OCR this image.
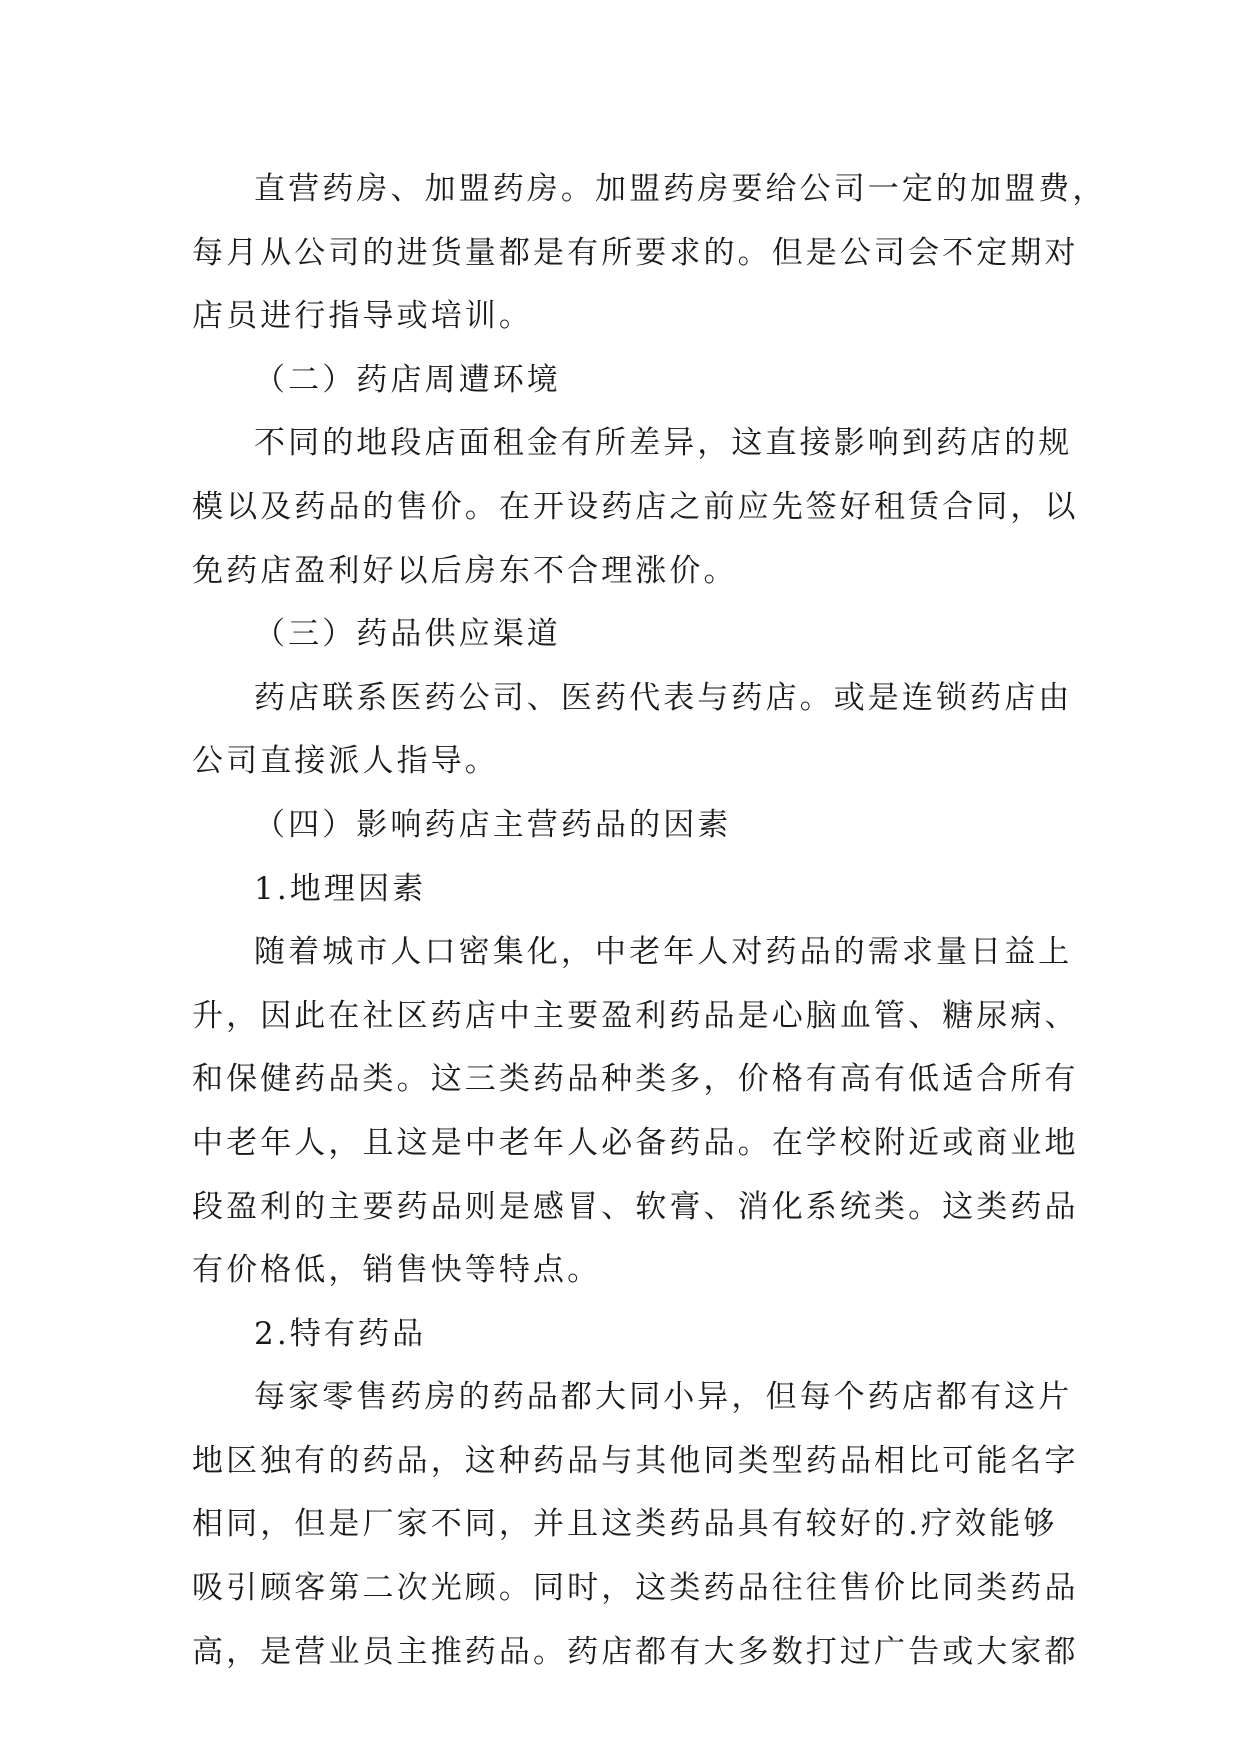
直营药房、加盟药房。加盟药房要给公司一定的加盟费，
每月从公司的进货量都是有所要求的。但是公司会不定期对
店员进行指导或培训。
（二）药店周遭环境
不同的地段店面租金有所差异，这直接影响到药店的规
模以及药品的售价。在开设药店之前应先签好租赁合同，以
免药店盈利好以后房东不合理涨价。
（三）药品供应渠道
药店联系医药公司、医药代表与药店。或是连锁药店由
公司直接派人指导。
（四）影响药店主营药品的因素
1.地理因素
随着城市人口密集化，中老年人对药品的需求量日益上
升，因此在社区药店中主要盈利药品是心脑血管、糖尿病、
和保健药品类。这三类药品种类多，价格有高有低适合所有
中老年人，且这是中老年人必备药品。在学校附近或商业地
段盈利的主要药品则是感冒、软膏、消化系统类。这类药品
有价格低，销售快等特点。
2.特有药品
每家零售药房的药品都大同小异，但每个药店都有这片
地区独有的药品，这种药品与其他同类型药品相比可能名字
相同，但是厂家不同，并且这类药品具有较好的.疗效能够
吸引顾客第二次光顾。同时，这类药品往往售价比同类药品
高，是营业员主推药品。药店都有大多数打过广告或大家都
